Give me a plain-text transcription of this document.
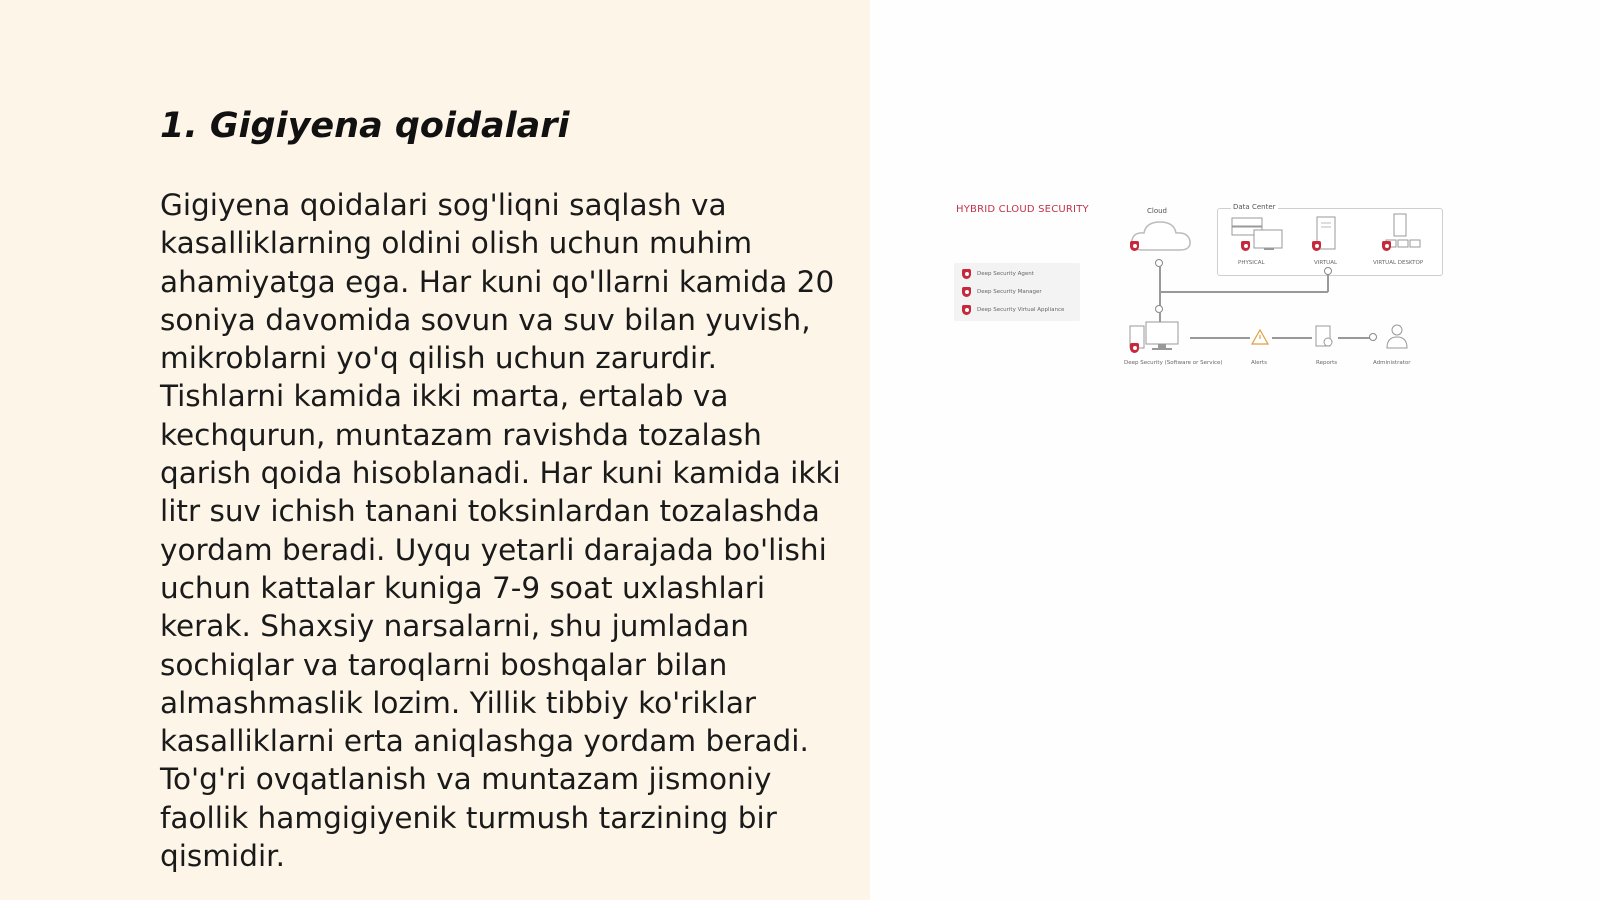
1. Gigiyena qoidalari

Gigiyena qoidalari sog'liqni saqlash va kasalliklarning oldini olish uchun muhim ahamiyatga ega. Har kuni qo'llarni kamida 20 soniya davomida sovun va suv bilan yuvish, mikroblarni yo'q qilish uchun zarurdir. Tishlarni kamida ikki marta, ertalab va kechqurun, muntazam ravishda tozalash qarish qoida hisoblanadi. Har kuni kamida ikki litr suv ichish tanani toksinlardan tozalashda yordam beradi. Uyqu yetarli darajada bo'lishi uchun kattalar kuniga 7-9 soat uxlashlari kerak. Shaxsiy narsalarni, shu jumladan sochiqlar va taroqlarni boshqalar bilan almashmaslik lozim. Yillik tibbiy ko'riklar kasalliklarni erta aniqlashga yordam beradi. To'g'ri ovqatlanish va muntazam jismoniy faollik hamgigiyenik turmush tarzining bir qismidir.

HYBRID CLOUD SECURITY
Deep Security Agent
Deep Security Manager
Deep Security Virtual Appliance
Cloud	Data Center
PHYSICAL	VIRTUAL	VIRTUAL DESKTOP
Deep Security (Software or Service)	Alerts	Reports	Administrator
